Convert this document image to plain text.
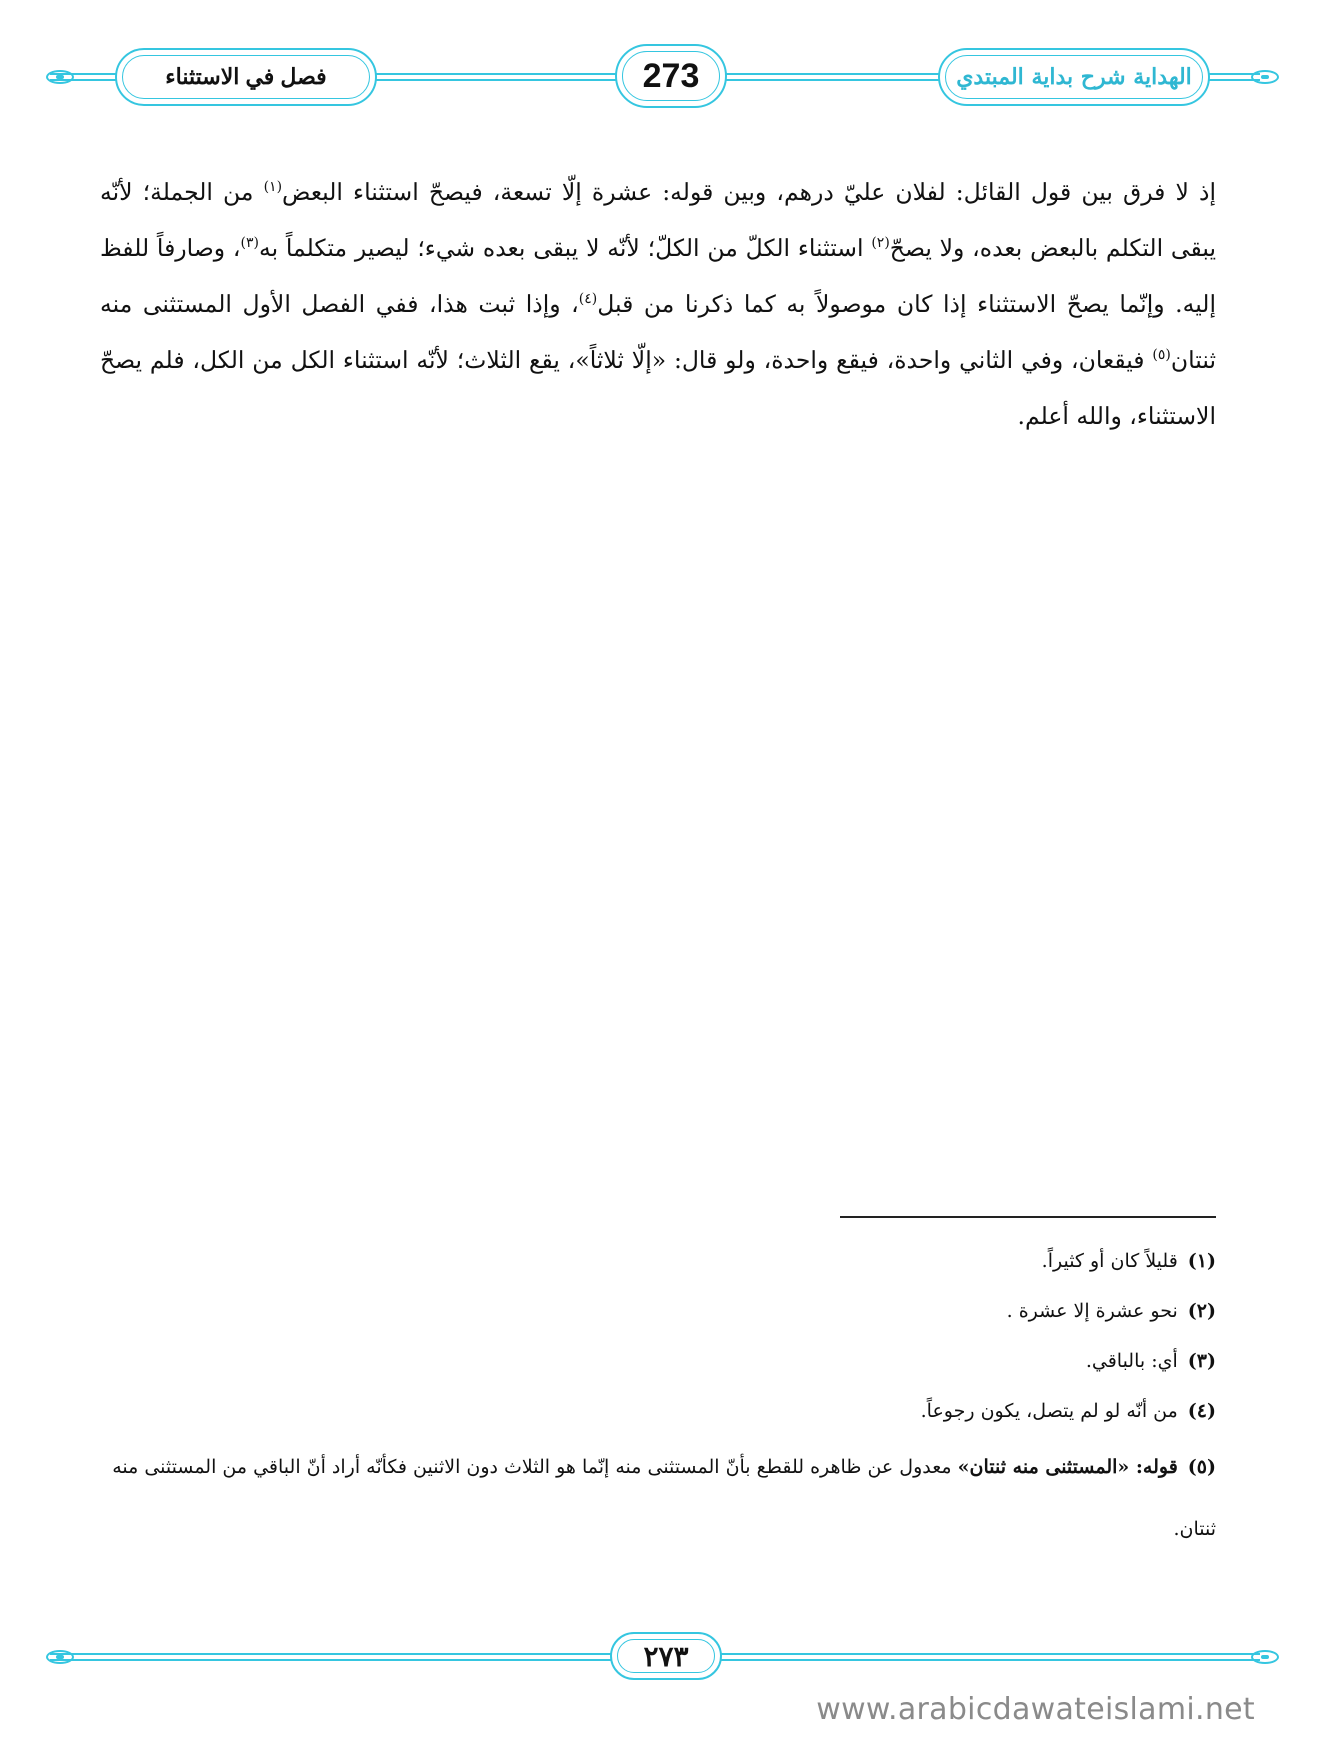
الهداية شرح بداية المبتدي
273
فصل في الاستثناء

إذ لا فرق بين قول القائل: لفلان عليّ درهم، وبين قوله: عشرة إلّا تسعة، فيصحّ استثناء البعض$^{(١)}$ من الجملة؛ لأنّه يبقى التكلم بالبعض بعده، ولا يصحّ$^{(٢)}$ استثناء الكلّ من الكلّ؛ لأنّه لا يبقى بعده شيء؛ ليصير متكلماً به$^{(٣)}$، وصارفاً للفظ إليه. وإنّما يصحّ الاستثناء إذا كان موصولاً به كما ذكرنا من قبل$^{(٤)}$، وإذا ثبت هذا، ففي الفصل الأول المستثنى منه ثنتان$^{(٥)}$ فيقعان، وفي الثاني واحدة، فيقع واحدة، ولو قال: «إلّا ثلاثاً»، يقع الثلاث؛ لأنّه استثناء الكل من الكل، فلم يصحّ الاستثناء، والله أعلم.

(١)قليلاً كان أو كثيراً.

(٢)نحو عشرة إلا عشرة .

(٣)أي: بالباقي.

(٤)من أنّه لو لم يتصل، يكون رجوعاً.

(٥)قوله: «المستثنى منه ثنتان» معدول عن ظاهره للقطع بأنّ المستثنى منه إنّما هو الثلاث دون الاثنين فكأنّه أراد أنّ الباقي من المستثنى منه ثنتان.

٢٧٣
www.arabicdawateislami.net
